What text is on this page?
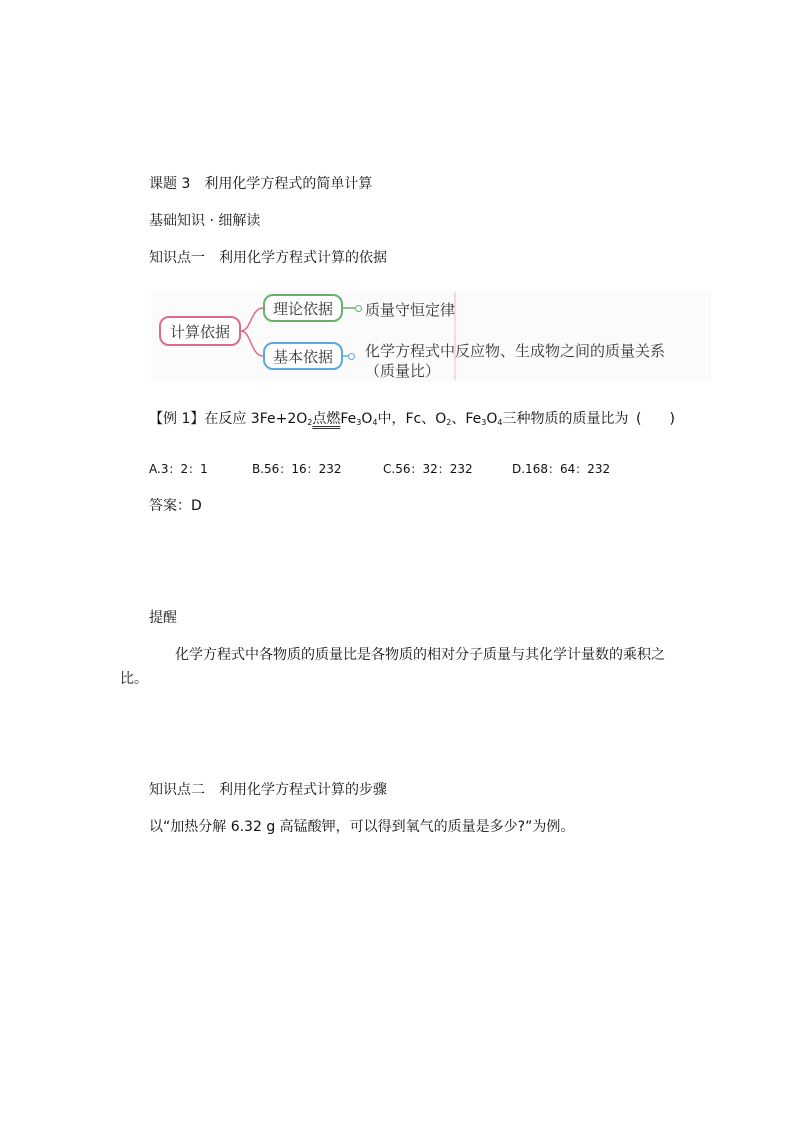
课题 3　利用化学方程式的简单计算
基础知识 · 细解读
知识点一　利用化学方程式计算的依据
计算依据
理论依据
基本依据
质量守恒定律
化学方程式中反应物、生成物之间的质量关系
（质量比）
【例 1】在反应 $3Fe+2O_2$点燃$Fe_3O_4$中，Fc、$O_2$、$Fe_3O_4$三种物质的质量比为 (　　)
A.3：2：1	B.56：16：232	C.56：32：232	D.168：64：232
答案：D
提醒
化学方程式中各物质的质量比是各物质的相对分子质量与其化学计量数的乘积之
比。
知识点二　利用化学方程式计算的步骤
以“加热分解 6.32 g 高锰酸钾，可以得到氧气的质量是多少?”为例。
